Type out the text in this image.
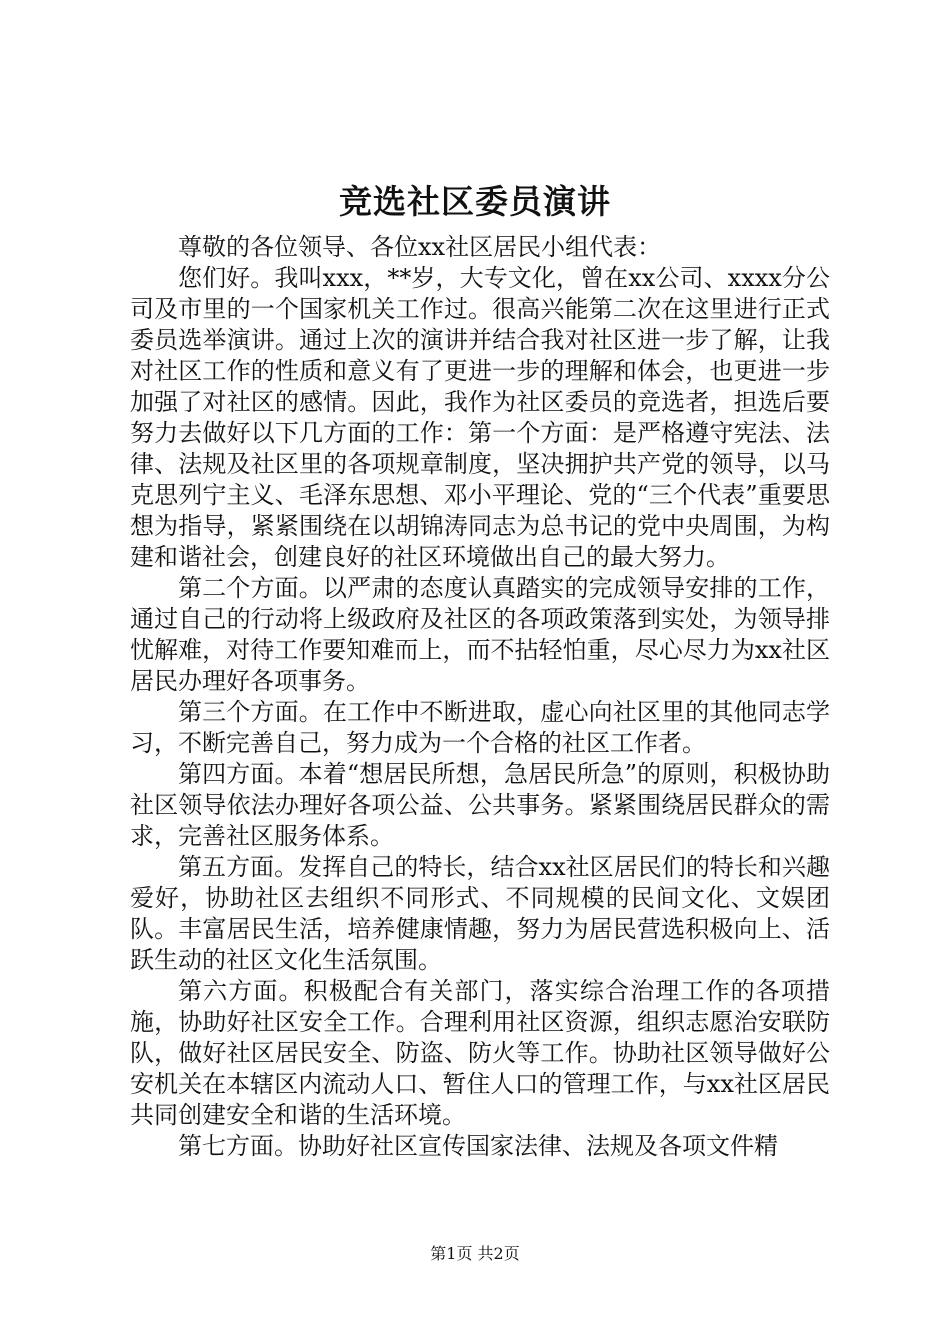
竞选社区委员演讲

尊敬的各位领导、各位xx社区居民小组代表：

您们好。我叫xxx，**岁，大专文化，曾在xx公司、xxxx分公司及市里的一个国家机关工作过。很高兴能第二次在这里进行正式委员选举演讲。通过上次的演讲并结合我对社区进一步了解，让我对社区工作的性质和意义有了更进一步的理解和体会，也更进一步加强了对社区的感情。因此，我作为社区委员的竞选者，担选后要努力去做好以下几方面的工作：第一个方面：是严格遵守宪法、法律、法规及社区里的各项规章制度，坚决拥护共产党的领导，以马克思列宁主义、毛泽东思想、邓小平理论、党的“三个代表”重要思想为指导，紧紧围绕在以胡锦涛同志为总书记的党中央周围，为构建和谐社会，创建良好的社区环境做出自己的最大努力。

第二个方面。以严肃的态度认真踏实的完成领导安排的工作，通过自己的行动将上级政府及社区的各项政策落到实处，为领导排忧解难，对待工作要知难而上，而不拈轻怕重，尽心尽力为xx社区居民办理好各项事务。

第三个方面。在工作中不断进取，虚心向社区里的其他同志学习，不断完善自己，努力成为一个合格的社区工作者。

第四方面。本着“想居民所想，急居民所急”的原则，积极协助社区领导依法办理好各项公益、公共事务。紧紧围绕居民群众的需求，完善社区服务体系。

第五方面。发挥自己的特长，结合xx社区居民们的特长和兴趣爱好，协助社区去组织不同形式、不同规模的民间文化、文娱团队。丰富居民生活，培养健康情趣，努力为居民营选积极向上、活跃生动的社区文化生活氛围。

第六方面。积极配合有关部门，落实综合治理工作的各项措施，协助好社区安全工作。合理利用社区资源，组织志愿治安联防队，做好社区居民安全、防盗、防火等工作。协助社区领导做好公安机关在本辖区内流动人口、暂住人口的管理工作，与xx社区居民共同创建安全和谐的生活环境。

第七方面。协助好社区宣传国家法律、法规及各项文件精

第1页 共2页
